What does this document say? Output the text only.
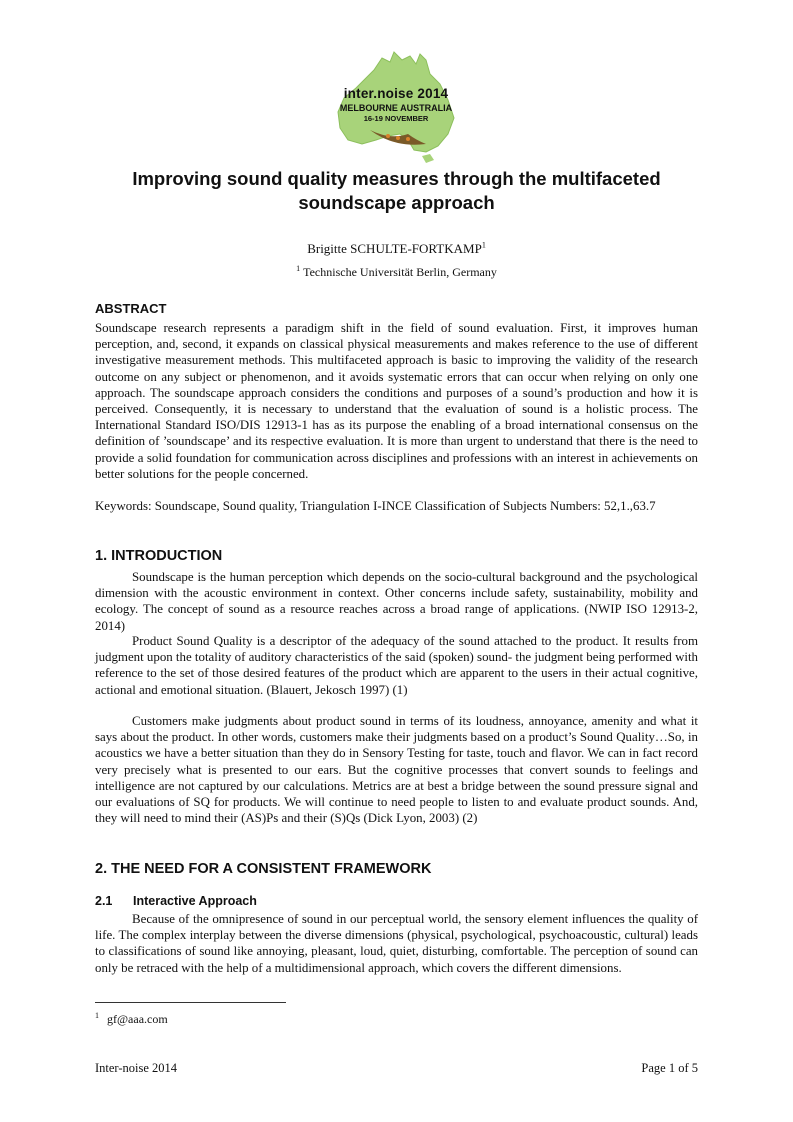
inter.noise 2014
MELBOURNE AUSTRALIA
16-19 NOVEMBER
Improving sound quality measures through the multifaceted soundscape approach
Brigitte SCHULTE-FORTKAMP$^1$
$^1$ Technische Universität Berlin, Germany
ABSTRACT

Soundscape research represents a paradigm shift in the field of sound evaluation. First, it improves human perception, and, second, it expands on classical physical measurements and makes reference to the use of different investigative measurement methods. This multifaceted approach is basic to improving the validity of the research outcome on any subject or phenomenon, and it avoids systematic errors that can occur when relying on only one approach. The soundscape approach considers the conditions and purposes of a sound’s production and how it is perceived. Consequently, it is necessary to understand that the evaluation of sound is a holistic process. The International Standard ISO/DIS 12913-1 has as its purpose the enabling of a broad international consensus on the definition of ’soundscape’ and its respective evaluation. It is more than urgent to understand that there is the need to provide a solid foundation for communication across disciplines and professions with an interest in achievements on better solutions for the people concerned.

Keywords: Soundscape, Sound quality, Triangulation I-INCE Classification of Subjects Numbers: 52,1.,63.7

1. INTRODUCTION

Soundscape is the human perception which depends on the socio-cultural background and the psychological dimension with the acoustic environment in context. Other concerns include safety, sustainability, mobility and ecology. The concept of sound as a resource reaches across a broad range of applications. (NWIP ISO 12913-2, 2014)

Product Sound Quality is a descriptor of the adequacy of the sound attached to the product. It results from judgment upon the totality of auditory characteristics of the said (spoken) sound- the judgment being performed with reference to the set of those desired features of the product which are apparent to the users in their actual cognitive, actional and emotional situation. (Blauert, Jekosch 1997) (1)

Customers make judgments about product sound in terms of its loudness, annoyance, amenity and what it says about the product. In other words, customers make their judgments based on a product’s Sound Quality…So, in acoustics we have a better situation than they do in Sensory Testing for taste, touch and flavor. We can in fact record very precisely what is presented to our ears. But the cognitive processes that convert sounds to feelings and intelligence are not captured by our calculations. Metrics are at best a bridge between the sound pressure signal and our evaluations of SQ for products. We will continue to need people to listen to and evaluate product sounds. And, they will need to mind their (AS)Ps and their (S)Qs (Dick Lyon, 2003) (2)

2. THE NEED FOR A CONSISTENT FRAMEWORK
2.1 Interactive Approach

Because of the omnipresence of sound in our perceptual world, the sensory element influences the quality of life. The complex interplay between the diverse dimensions (physical, psychological, psychoacoustic, cultural) leads to classifications of sound like annoying, pleasant, loud, quiet, disturbing, comfortable. The perception of sound can only be retraced with the help of a multidimensional approach, which covers the different dimensions.

$^1$ gf@aaa.com
Inter-noise 2014	Page 1 of 5
